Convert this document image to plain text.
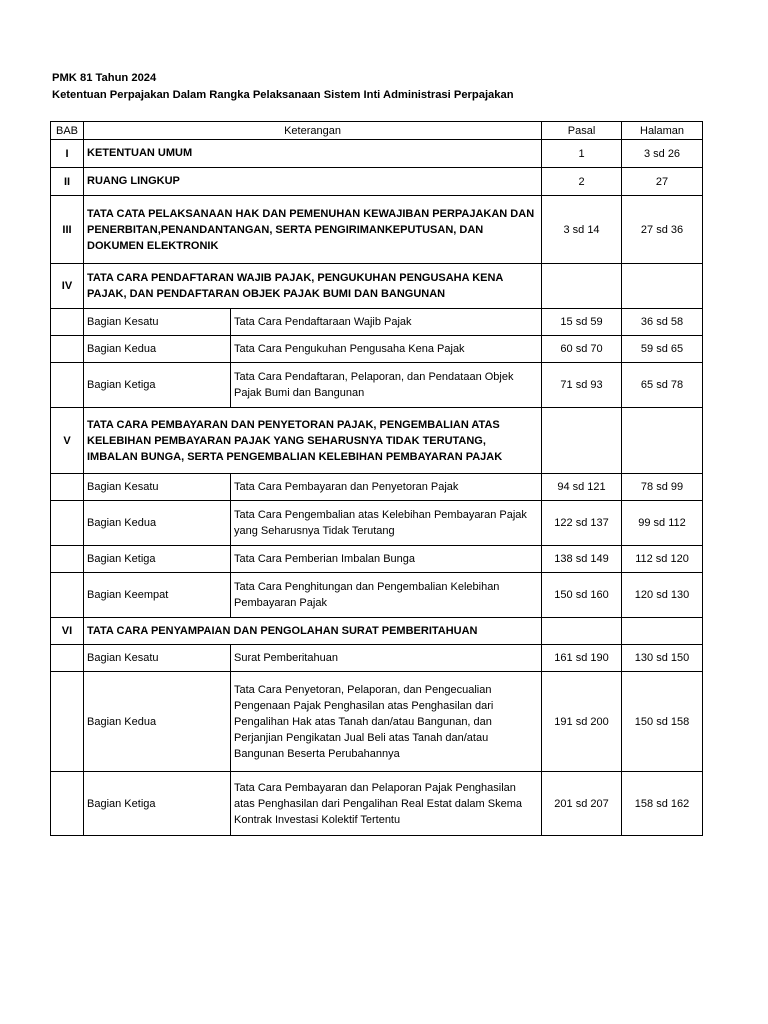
PMK 81 Tahun 2024
Ketentuan Perpajakan Dalam Rangka Pelaksanaan Sistem Inti Administrasi Perpajakan
BAB	Keterangan		Pasal	Halaman
I	KETENTUAN UMUM		1	3 sd 26
II	RUANG LINGKUP		2	27
III	TATA CATA PELAKSANAAN HAK DAN PEMENUHAN KEWAJIBAN PERPAJAKAN DAN PENERBITAN,PENANDANTANGAN, SERTA PENGIRIMANKEPUTUSAN, DAN DOKUMEN ELEKTRONIK		3 sd 14	27 sd 36
IV	TATA CARA PENDAFTARAN WAJIB PAJAK, PENGUKUHAN PENGUSAHA KENA PAJAK, DAN PENDAFTARAN OBJEK PAJAK BUMI DAN BANGUNAN			
	Bagian Kesatu	Tata Cara Pendaftaraan Wajib Pajak	15 sd 59	36 sd 58
	Bagian Kedua	Tata Cara Pengukuhan Pengusaha Kena Pajak	60 sd 70	59 sd 65
	Bagian Ketiga	Tata Cara Pendaftaran, Pelaporan, dan Pendataan Objek Pajak Bumi dan Bangunan	71 sd 93	65 sd 78
V	TATA CARA PEMBAYARAN DAN PENYETORAN PAJAK, PENGEMBALIAN ATAS KELEBIHAN PEMBAYARAN PAJAK YANG SEHARUSNYA TIDAK TERUTANG, IMBALAN BUNGA, SERTA PENGEMBALIAN KELEBIHAN PEMBAYARAN PAJAK			
	Bagian Kesatu	Tata Cara Pembayaran dan Penyetoran Pajak	94 sd 121	78 sd 99
	Bagian Kedua	Tata Cara Pengembalian atas Kelebihan Pembayaran Pajak yang Seharusnya Tidak Terutang	122 sd 137	99 sd 112
	Bagian Ketiga	Tata Cara Pemberian Imbalan Bunga	138 sd 149	112 sd 120
	Bagian Keempat	Tata Cara Penghitungan dan Pengembalian Kelebihan Pembayaran Pajak	150 sd 160	120 sd 130
VI	TATA CARA PENYAMPAIAN DAN PENGOLAHAN SURAT PEMBERITAHUAN			
	Bagian Kesatu	Surat Pemberitahuan	161 sd 190	130 sd 150
	Bagian Kedua	Tata Cara Penyetoran, Pelaporan, dan Pengecualian Pengenaan Pajak Penghasilan atas Penghasilan dari Pengalihan Hak atas Tanah dan/atau Bangunan, dan Perjanjian Pengikatan Jual Beli atas Tanah dan/atau Bangunan Beserta Perubahannya	191 sd 200	150 sd 158
	Bagian Ketiga	Tata Cara Pembayaran dan Pelaporan Pajak Penghasilan atas Penghasilan dari Pengalihan Real Estat dalam Skema Kontrak Investasi Kolektif Tertentu	201 sd 207	158 sd 162
